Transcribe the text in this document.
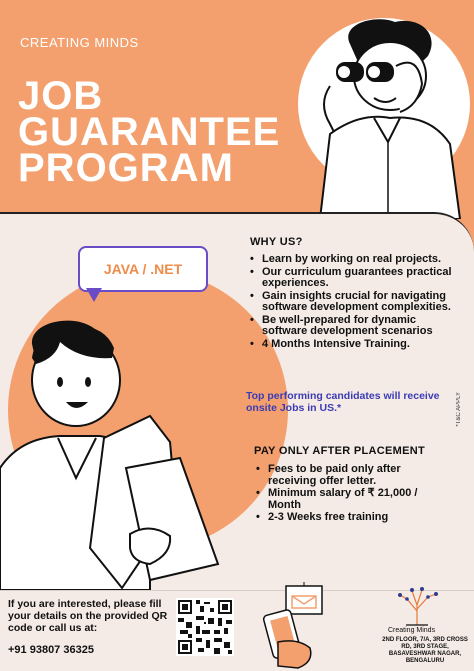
CREATING MINDS
JOB
GUARANTEE
PROGRAM
JAVA / .NET
WHY US?
• Learn by working on real projects.
• Our curriculum guarantees practical experiences.
• Gain insights crucial for navigating software development complexities.
• Be well-prepared for dynamic software development scenarios
• 4 Months Intensive Training.
Top performing candidates will receive onsite Jobs in US.*	*T&C APPLY
PAY ONLY AFTER PLACEMENT
• Fees to be paid only after receiving offer letter.
• Minimum salary of ₹ 21,000 / Month
• 2-3 Weeks free training
If you are interested, please fill your details on the provided QR code or call us at:
+91 93807 36325
Creating Minds
2ND FLOOR, 7/A, 3RD CROSS RD, 3RD STAGE, BASAVESHWAR NAGAR, BENGALURU
